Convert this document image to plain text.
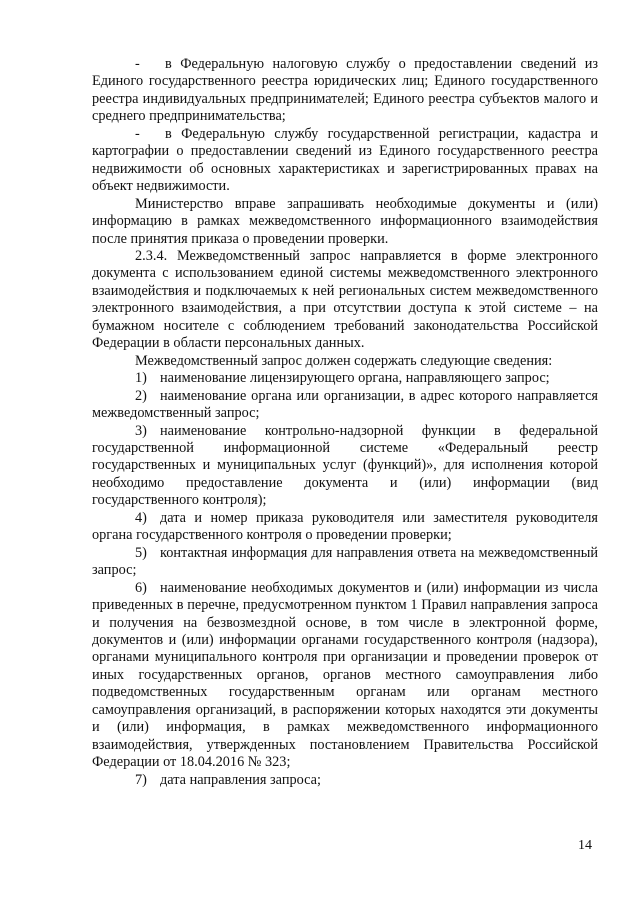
- в Федеральную налоговую службу о предоставлении сведений из Единого государственного реестра юридических лиц; Единого государственного реестра индивидуальных предпринимателей; Единого реестра субъектов малого и среднего предпринимательства;

- в Федеральную службу государственной регистрации, кадастра и картографии о предоставлении сведений из Единого государственного реестра недвижимости об основных характеристиках и зарегистрированных правах на объект недвижимости.

Министерство вправе запрашивать необходимые документы и (или) информацию в рамках межведомственного информационного взаимодействия после принятия приказа о проведении проверки.

2.3.4. Межведомственный запрос направляется в форме электронного документа с использованием единой системы межведомственного электронного взаимодействия и подключаемых к ней региональных систем межведомственного электронного взаимодействия, а при отсутствии доступа к этой системе – на бумажном носителе с соблюдением требований законодательства Российской Федерации в области персональных данных.

Межведомственный запрос должен содержать следующие сведения:

1) наименование лицензирующего органа, направляющего запрос;

2) наименование органа или организации, в адрес которого направляется межведомственный запрос;

3) наименование контрольно-надзорной функции в федеральной государственной информационной системе «Федеральный реестр государственных и муниципальных услуг (функций)», для исполнения которой необходимо предоставление документа и (или) информации (вид государственного контроля);

4) дата и номер приказа руководителя или заместителя руководителя органа государственного контроля о проведении проверки;

5) контактная информация для направления ответа на межведомственный запрос;

6) наименование необходимых документов и (или) информации из числа приведенных в перечне, предусмотренном пунктом 1 Правил направления запроса и получения на безвозмездной основе, в том числе в электронной форме, документов и (или) информации органами государственного контроля (надзора), органами муниципального контроля при организации и проведении проверок от иных государственных органов, органов местного самоуправления либо подведомственных государственным органам или органам местного самоуправления организаций, в распоряжении которых находятся эти документы и (или) информация, в рамках межведомственного информационного взаимодействия, утвержденных постановлением Правительства Российской Федерации от 18.04.2016 № 323;

7) дата направления запроса;

14
